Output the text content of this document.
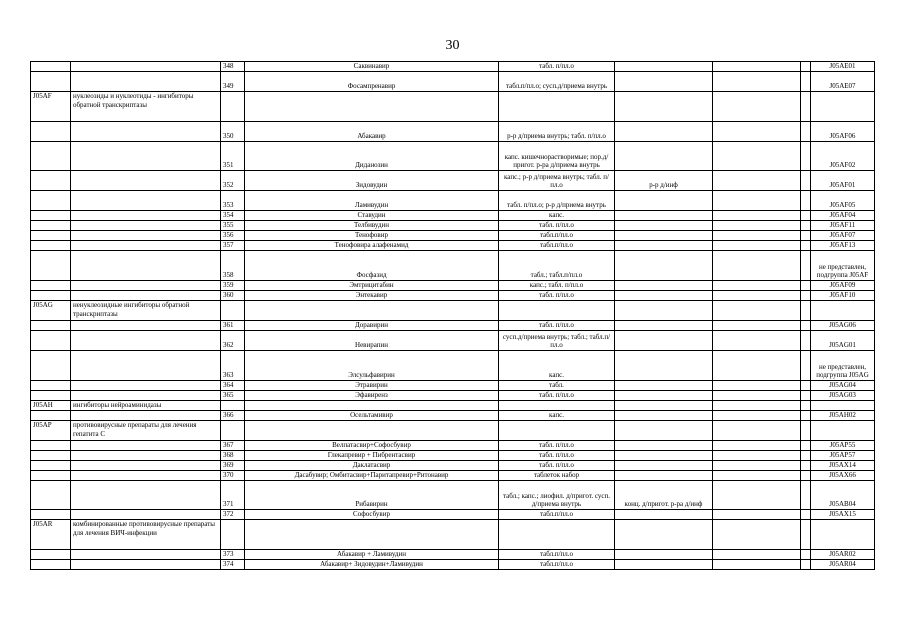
30
		348	Саквинавир	табл. п/пл.о				J05AE01
		349	Фосампренавир	табл.п/пл.о; сусп.д/приема внутрь				J05AE07
J05AF	нуклеозиды и нуклеотиды - ингибиторы обратной транскриптазы							
		350	Абакавир	р-р д/приема внутрь; табл. п/пл.о				J05AF06
		351	Диданозин	капс. кишечнорастворимые; пор.д/пригот. р-ра д/приема внутрь				J05AF02
		352	Зидовудин	капс.; р-р д/приема внутрь; табл. п/пл.о	р-р д/инф			J05AF01
		353	Ламивудин	табл. п/пл.о; р-р д/приема внутрь				J05AF05
		354	Ставудин	капс.				J05AF04
		355	Телбивудин	табл. п/пл.о				J05AF11
		356	Тенофовир	табл.п/пл.о				J05AF07
		357	Тенофовира алафенамид	табл.п/пл.о				J05AF13
		358	Фосфазид	табл.; табл.п/пл.о				не представлен, подгруппа J05AF
		359	Эмтрицитабин	капс.; табл. п/пл.о				J05AF09
		360	Энтекавир	табл. п/пл.о				J05AF10
J05AG	ненуклеозидные ингибиторы обратной транскриптазы							
		361	Доравирин	табл. п/пл.о				J05AG06
		362	Невирапин	сусп.д/приема внутрь; табл.; табл.п/пл.о				J05AG01
		363	Элсульфавирин	капс.				не представлен, подгруппа J05AG
		364	Этравирин	табл.				J05AG04
		365	Эфавиренз	табл. п/пл.о				J05AG03
J05AH	ингибиторы нейроаминидазы							
		366	Осельтамивир	капс.				J05AH02
J05AP	противовирусные препараты для лечения гепатита С							
		367	Велпатасвир+Софосбувир	табл. п/пл.о				J05AP55
		368	Глекапревир + Пибрентасвир	табл. п/пл.о				J05AP57
		369	Даклатасвир	табл. п/пл.о				J05AX14
		370	Дасабувир; Омбитасвир+Паритапревир+Ритонавир	таблеток набор				J05AX66
		371	Рибавирин	табл.; капс.; лиофил. д/пригот. сусп. д/приема внутрь	конц. д/пригот. р-ра д/инф			J05AB04
		372	Софосбувир	табл.п/пл.о				J05AX15
J05AR	комбинированные противовирусные препараты для лечения ВИЧ-инфекции							
		373	Абакавир + Ламивудин	табл.п/пл.о				J05AR02
		374	Абакавир+ Зидовудин+Ламивудин	табл.п/пл.о				J05AR04
